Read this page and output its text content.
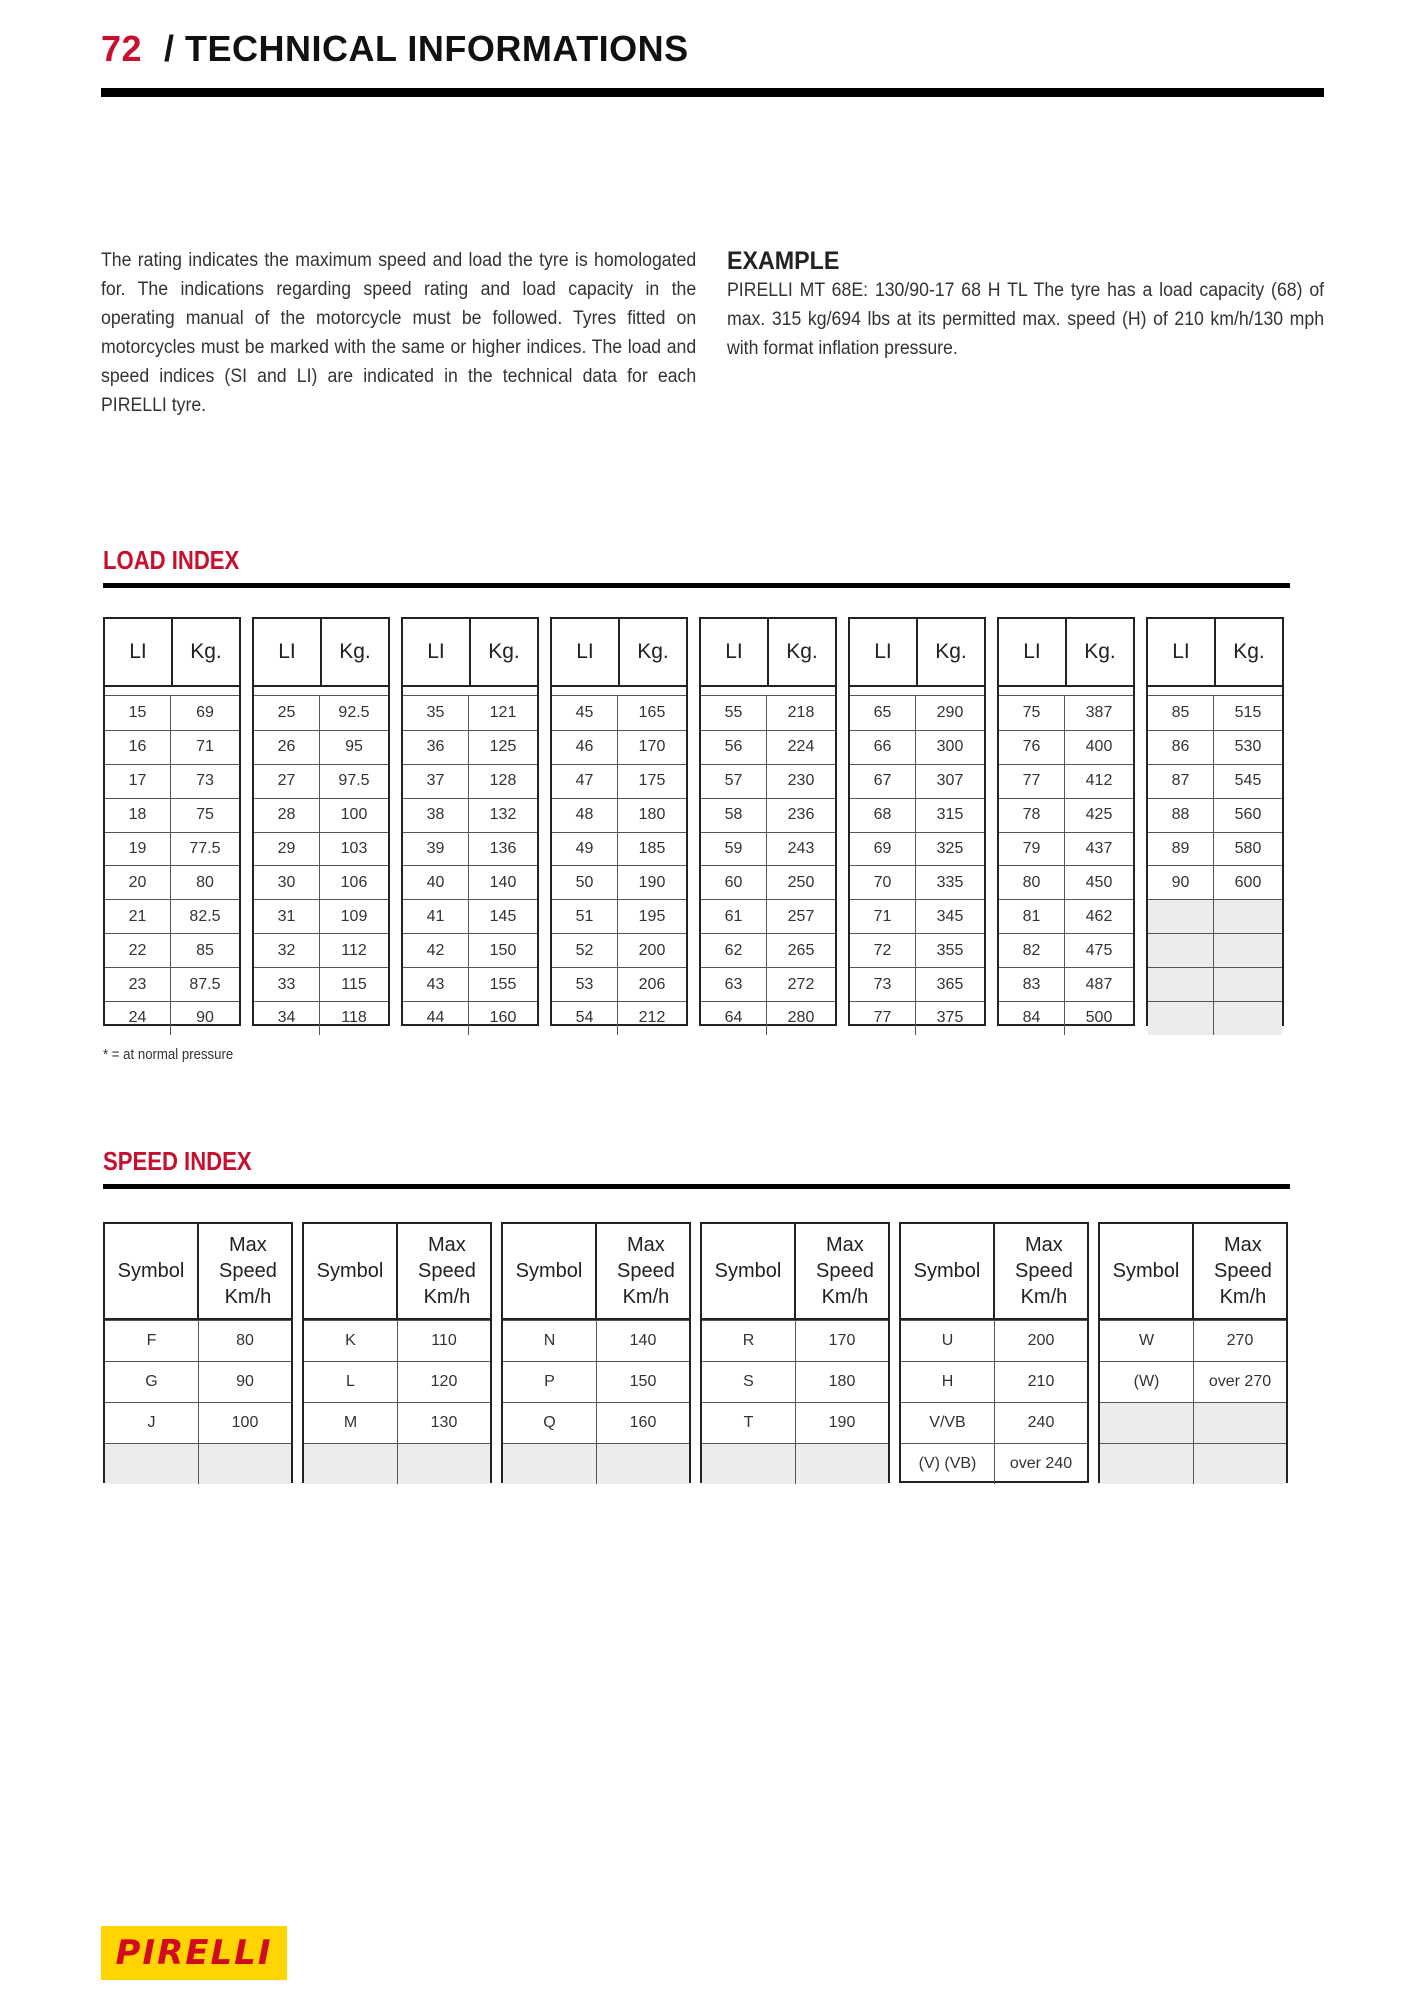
72 / TECHNICAL INFORMATIONS
The rating indicates the maximum speed and load the tyre is homologated for. The indications regarding speed rating and load capacity in the operating manual of the motorcycle must be followed. Tyres fitted on motorcycles must be marked with the same or higher indices. The load and speed indices (SI and LI) are indicated in the technical data for each PIRELLI tyre.
EXAMPLE
PIRELLI MT 68E: 130/90-17 68 H TL The tyre has a load capacity (68) of max. 315 kg/694 lbs at its permitted max. speed (H) of 210 km/h/130 mph with format inflation pressure.
LOAD INDEX
LI	Kg.
15	69
16	71
17	73
18	75
19	77.5
20	80
21	82.5
22	85
23	87.5
24	90
LI	Kg.
25	92.5
26	95
27	97.5
28	100
29	103
30	106
31	109
32	112
33	115
34	118
LI	Kg.
35	121
36	125
37	128
38	132
39	136
40	140
41	145
42	150
43	155
44	160
LI	Kg.
45	165
46	170
47	175
48	180
49	185
50	190
51	195
52	200
53	206
54	212
LI	Kg.
55	218
56	224
57	230
58	236
59	243
60	250
61	257
62	265
63	272
64	280
LI	Kg.
65	290
66	300
67	307
68	315
69	325
70	335
71	345
72	355
73	365
77	375
LI	Kg.
75	387
76	400
77	412
78	425
79	437
80	450
81	462
82	475
83	487
84	500
LI	Kg.
85	515
86	530
87	545
88	560
89	580
90	600
* = at normal pressure
SPEED INDEX
Symbol
Max Speed Km/h
F	80
G	90
J	100
Symbol
Max Speed Km/h
K	110
L	120
M	130
Symbol
Max Speed Km/h
N	140
P	150
Q	160
Symbol
Max Speed Km/h
R	170
S	180
T	190
Symbol
Max Speed Km/h
U	200
H	210
V/VB	240
(V) (VB)	over 240
Symbol
Max Speed Km/h
W	270
(W)	over 270
PIRELLI
